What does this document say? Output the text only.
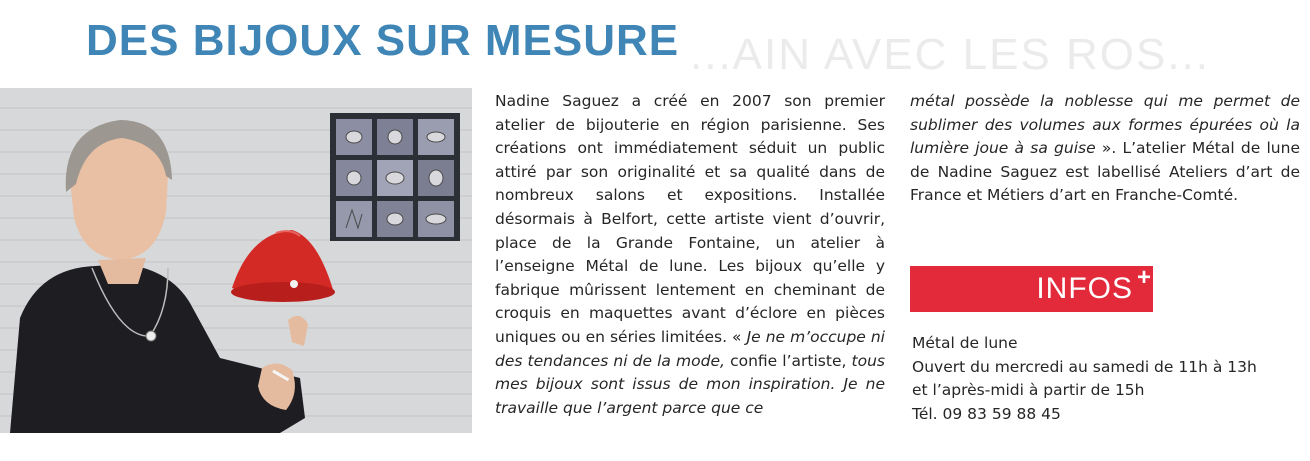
DES BIJOUX SUR MESURE ...AIN AVEC LES ROS...

Nadine Saguez a créé en 2007 son premier atelier de bijouterie en région parisienne. Ses créations ont immédiatement séduit un public attiré par son originalité et sa qualité dans de nombreux salons et expositions. Installée désormais à Belfort, cette artiste vient d’ouvrir, place de la Grande Fontaine, un atelier à l’enseigne Métal de lune. Les bijoux qu’elle y fabrique mûrissent lentement en cheminant de croquis en maquettes avant d’éclore en pièces uniques ou en séries limitées. « Je ne m’occupe ni des tendances ni de la mode, confie l’artiste, tous mes bijoux sont issus de mon inspiration. Je ne travaille que l’argent parce que ce

métal possède la noblesse qui me permet de sublimer des volumes aux formes épurées où la lumière joue à sa guise ». L’atelier Métal de lune de Nadine Saguez est labellisé Ateliers d’art de France et Métiers d’art en Franche-Comté.

INFOS +
Métal de lune
Ouvert du mercredi au samedi de 11h à 13h
et l’après-midi à partir de 15h
Tél. 09 83 59 88 45
